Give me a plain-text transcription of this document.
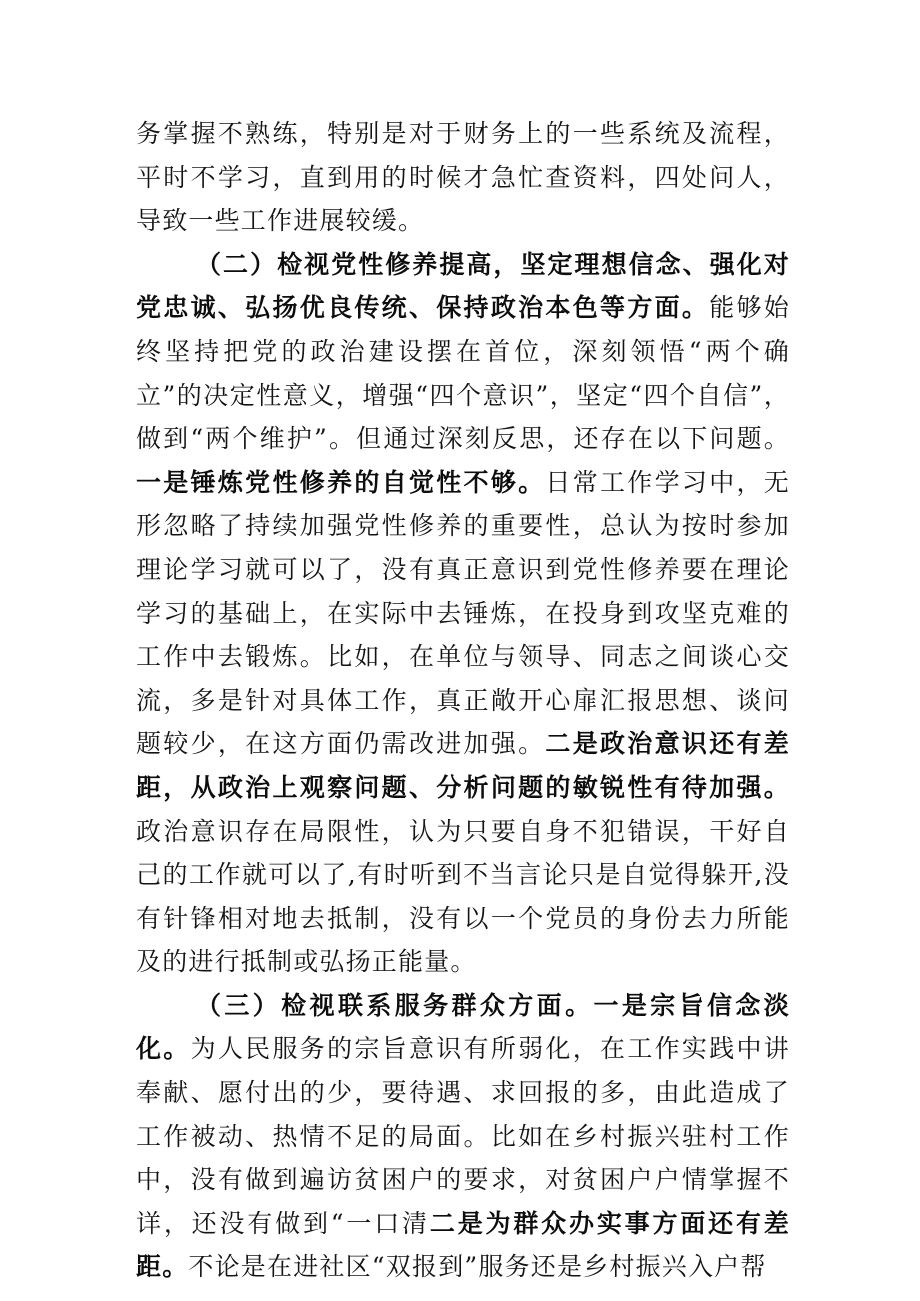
务掌握不熟练，特别是对于财务上的一些系统及流程，平时不学习，直到用的时候才急忙查资料，四处问人，导致一些工作进展较缓。

（二）检视党性修养提高，坚定理想信念、强化对党忠诚、弘扬优良传统、保持政治本色等方面。能够始终坚持把党的政治建设摆在首位，深刻领悟“两个确立”的决定性意义，增强“四个意识”，坚定“四个自信”，做到“两个维护”。但通过深刻反思，还存在以下问题。一是锤炼党性修养的自觉性不够。日常工作学习中，无形忽略了持续加强党性修养的重要性，总认为按时参加理论学习就可以了，没有真正意识到党性修养要在理论学习的基础上，在实际中去锤炼，在投身到攻坚克难的工作中去锻炼。比如，在单位与领导、同志之间谈心交流，多是针对具体工作，真正敞开心扉汇报思想、谈问题较少，在这方面仍需改进加强。二是政治意识还有差距，从政治上观察问题、分析问题的敏锐性有待加强。政治意识存在局限性，认为只要自身不犯错误，干好自己的工作就可以了,有时听到不当言论只是自觉得躲开,没有针锋相对地去抵制，没有以一个党员的身份去力所能及的进行抵制或弘扬正能量。

（三）检视联系服务群众方面。一是宗旨信念淡化。为人民服务的宗旨意识有所弱化，在工作实践中讲奉献、愿付出的少，要待遇、求回报的多，由此造成了工作被动、热情不足的局面。比如在乡村振兴驻村工作中，没有做到遍访贫困户的要求，对贫困户户情掌握不详，还没有做到“一口清二是为群众办实事方面还有差距。不论是在进社区“双报到”服务还是乡村振兴入户帮
